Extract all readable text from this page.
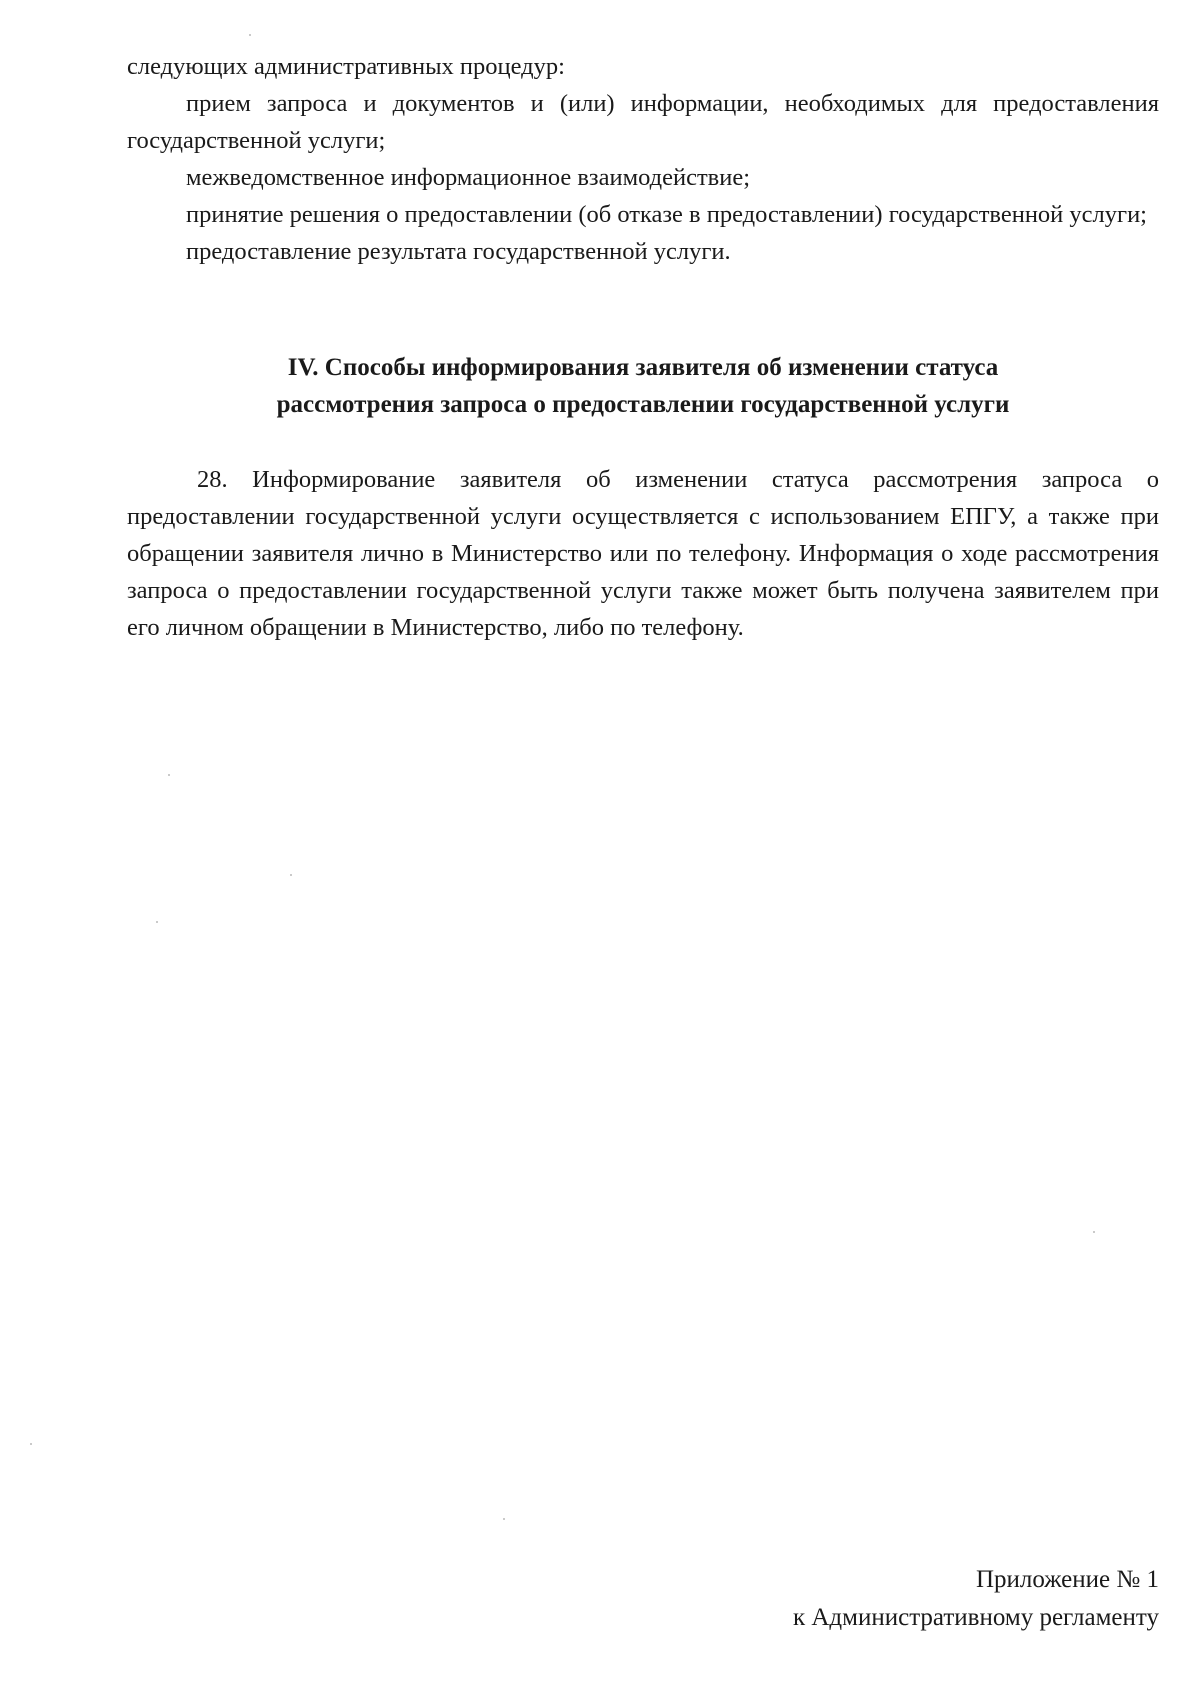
следующих административных процедур:

прием запроса и документов и (или) информации, необходимых для предоставления государственной услуги;

межведомственное информационное взаимодействие;

принятие решения о предоставлении (об отказе в предоставлении) государственной услуги;

предоставление результата государственной услуги.

IV. Способы информирования заявителя об изменении статуса
рассмотрения запроса о предоставлении государственной услуги

28. Информирование заявителя об изменении статуса рассмотрения запроса о предоставлении государственной услуги осуществляется с использованием ЕПГУ, а также при обращении заявителя лично в Министерство или по телефону. Информация о ходе рассмотрения запроса о предоставлении государственной услуги также может быть получена заявителем при его личном обращении в Министерство, либо по телефону.

Приложение № 1
к Административному регламенту
